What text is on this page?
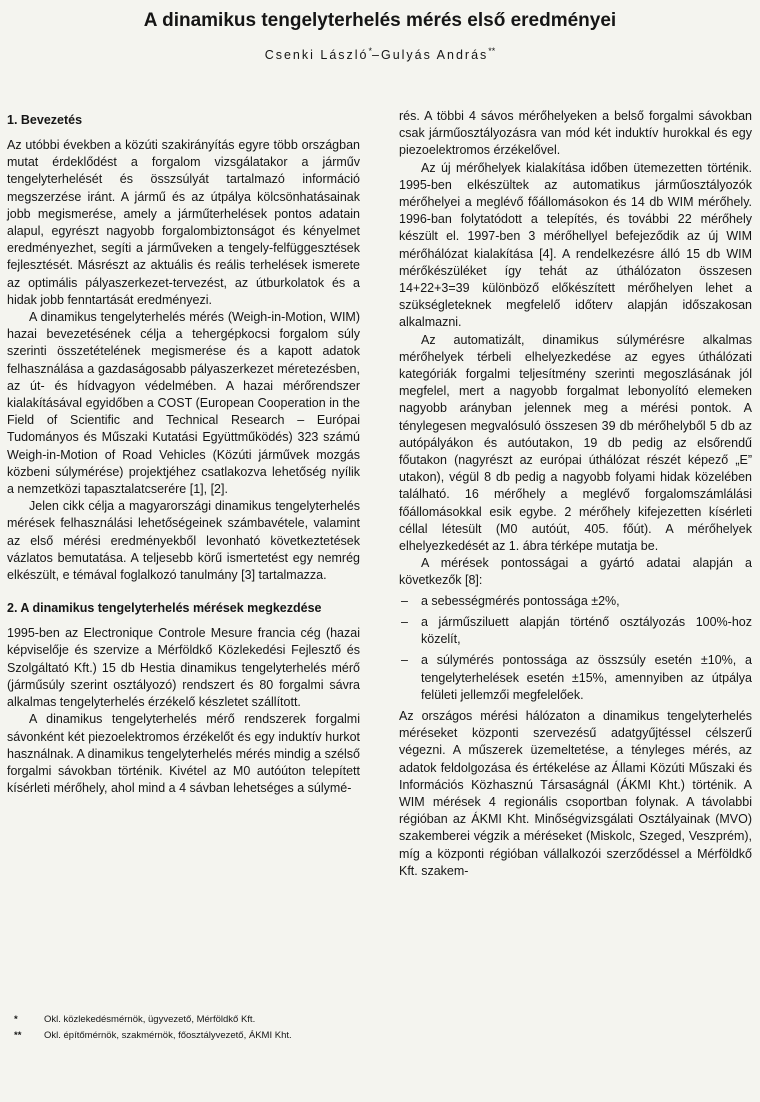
A dinamikus tengelyterhelés mérés első eredményei
Csenki László*–Gulyás András**
1. Bevezetés

Az utóbbi években a közúti szakirányítás egyre több országban mutat érdeklődést a forgalom vizsgálatakor a járműv tengelyterhelését és összsúlyát tartalmazó információ megszerzése iránt. A jármű és az útpálya kölcsönhatásainak jobb megismerése, amely a járműterhelések pontos adatain alapul, egyrészt nagyobb forgalombiztonságot és kényelmet eredményezhet, segíti a járműveken a tengely-felfüggesztések fejlesztését. Másrészt az aktuális és reális terhelések ismerete az optimális pályaszerkezet-tervezést, az útburkolatok és a hidak jobb fenntartását eredményezi.

A dinamikus tengelyterhelés mérés (Weigh-in-Motion, WIM) hazai bevezetésének célja a tehergépkocsi forgalom súly szerinti összetételének megismerése és a kapott adatok felhasználása a gazdaságosabb pályaszerkezet méretezésben, az út- és hídvagyon védelmében. A hazai mérőrendszer kialakításával egyidőben a COST (European Cooperation in the Field of Scientific and Technical Research – Európai Tudományos és Műszaki Kutatási Együttműködés) 323 számú Weigh-in-Motion of Road Vehicles (Közúti járművek mozgás közbeni súlymérése) projektjéhez csatlakozva lehetőség nyílik a nemzetközi tapasztalatcserére [1], [2].

Jelen cikk célja a magyarországi dinamikus tengelyterhelés mérések felhasználási lehetőségeinek számbavétele, valamint az első mérési eredményekből levonható következtetések vázlatos bemutatása. A teljesebb körű ismertetést egy nemrég elkészült, e témával foglalkozó tanulmány [3] tartalmazza.

2. A dinamikus tengelyterhelés mérések megkezdése

1995-ben az Electronique Controle Mesure francia cég (hazai képviselője és szervize a Mérföldkő Közlekedési Fejlesztő és Szolgáltató Kft.) 15 db Hestia dinamikus tengelyterhelés mérő (járműsúly szerint osztályozó) rendszert és 80 forgalmi sávra alkalmas tengelyterhelés érzékelő készletet szállított.

A dinamikus tengelyterhelés mérő rendszerek forgalmi sávonként két piezoelektromos érzékelőt és egy induktív hurkot használnak. A dinamikus tengelyterhelés mérés mindig a szélső forgalmi sávokban történik. Kivétel az M0 autóúton telepített kísérleti mérőhely, ahol mind a 4 sávban lehetséges a súlymé-

rés. A többi 4 sávos mérőhelyeken a belső forgalmi sávokban csak járműosztályozásra van mód két induktív hurokkal és egy piezoelektromos érzékelővel.

Az új mérőhelyek kialakítása időben ütemezetten történik. 1995-ben elkészültek az automatikus járműosztályozók mérőhelyei a meglévő főállomásokon és 14 db WIM mérőhely. 1996-ban folytatódott a telepítés, és további 22 mérőhely készült el. 1997-ben 3 mérőhellyel befejeződik az új WIM mérőhálózat kialakítása [4]. A rendelkezésre álló 15 db WIM mérőkészüléket így tehát az úthálózaton összesen 14+22+3=39 különböző előkészített mérőhelyen lehet a szükségleteknek megfelelő időterv alapján időszakosan alkalmazni.

Az automatizált, dinamikus súlymérésre alkalmas mérőhelyek térbeli elhelyezkedése az egyes úthálózati kategóriák forgalmi teljesítmény szerinti megoszlásának jól megfelel, mert a nagyobb forgalmat lebonyolító elemeken nagyobb arányban jelennek meg a mérési pontok. A ténylegesen megvalósuló összesen 39 db mérőhelyből 5 db az autópályákon és autóutakon, 19 db pedig az elsőrendű főutakon (nagyrészt az európai úthálózat részét képező „E” utakon), végül 8 db pedig a nagyobb folyami hidak közelében található. 16 mérőhely a meglévő forgalomszámlálási főállomásokkal esik egybe. 2 mérőhely kifejezetten kísérleti céllal létesült (M0 autóút, 405. főút). A mérőhelyek elhelyezkedését az 1. ábra térképe mutatja be.

A mérések pontosságai a gyártó adatai alapján a következők [8]:

– a sebességmérés pontossága ±2%,
– a járműsziluett alapján történő osztályozás 100%-hoz közelít,
– a súlymérés pontossága az összsúly esetén ±10%, a tengelyterhelések esetén ±15%, amennyiben az útpálya felületi jellemzői megfelelőek.

Az országos mérési hálózaton a dinamikus tengelyterhelés méréseket központi szervezésű adatgyűjtéssel célszerű végezni. A műszerek üzemeltetése, a tényleges mérés, az adatok feldolgozása és értékelése az Állami Közúti Műszaki és Információs Közhasznú Társaságnál (ÁKMI Kht.) történik. A WIM mérések 4 regionális csoportban folynak. A távolabbi régióban az ÁKMI Kht. Minőségvizsgálati Osztályainak (MVO) szakemberei végzik a méréseket (Miskolc, Szeged, Veszprém), míg a központi régióban vállalkozói szerződéssel a Mérföldkő Kft. szakem-

*	Okl. közlekedésmérnök, ügyvezető, Mérföldkő Kft.
** Okl. építőmérnök, szakmérnök, főosztályvezető, ÁKMI Kht.
